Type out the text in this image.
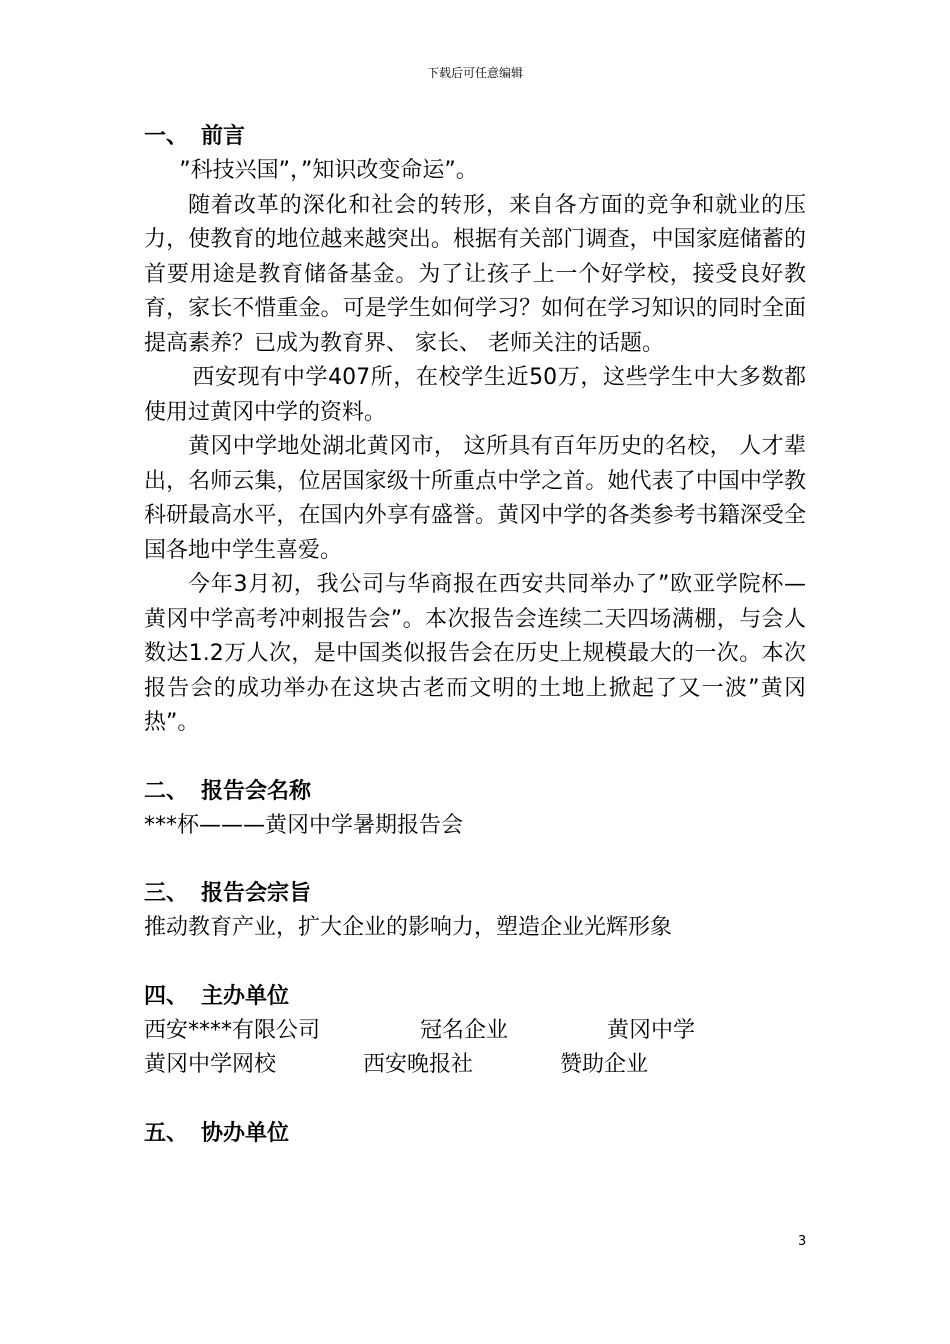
下载后可任意编辑

一、 前言

”科技兴国”，”知识改变命运”。

随着改革的深化和社会的转形，来自各方面的竞争和就业的压力，使教育的地位越来越突出。根据有关部门调查，中国家庭储蓄的首要用途是教育储备基金。为了让孩子上一个好学校，接受良好教育，家长不惜重金。可是学生如何学习？如何在学习知识的同时全面提高素养？已成为教育界、 家长、 老师关注的话题。

西安现有中学407所，在校学生近50万，这些学生中大多数都使用过黄冈中学的资料。

黄冈中学地处湖北黄冈市， 这所具有百年历史的名校， 人才辈出，名师云集，位居国家级十所重点中学之首。她代表了中国中学教科研最高水平，在国内外享有盛誉。黄冈中学的各类参考书籍深受全国各地中学生喜爱。

今年3月初，我公司与华商报在西安共同举办了”欧亚学院杯—黄冈中学高考冲刺报告会”。本次报告会连续二天四场满棚，与会人数达1.2万人次，是中国类似报告会在历史上规模最大的一次。本次报告会的成功举办在这块古老而文明的土地上掀起了又一波”黄冈热”。

二、 报告会名称

***杯———黄冈中学暑期报告会

三、 报告会宗旨

推动教育产业，扩大企业的影响力，塑造企业光辉形象

四、 主办单位

西安****有限公司	冠名企业	黄冈中学
黄冈中学网校	西安晚报社	赞助企业

五、 协办单位

3
